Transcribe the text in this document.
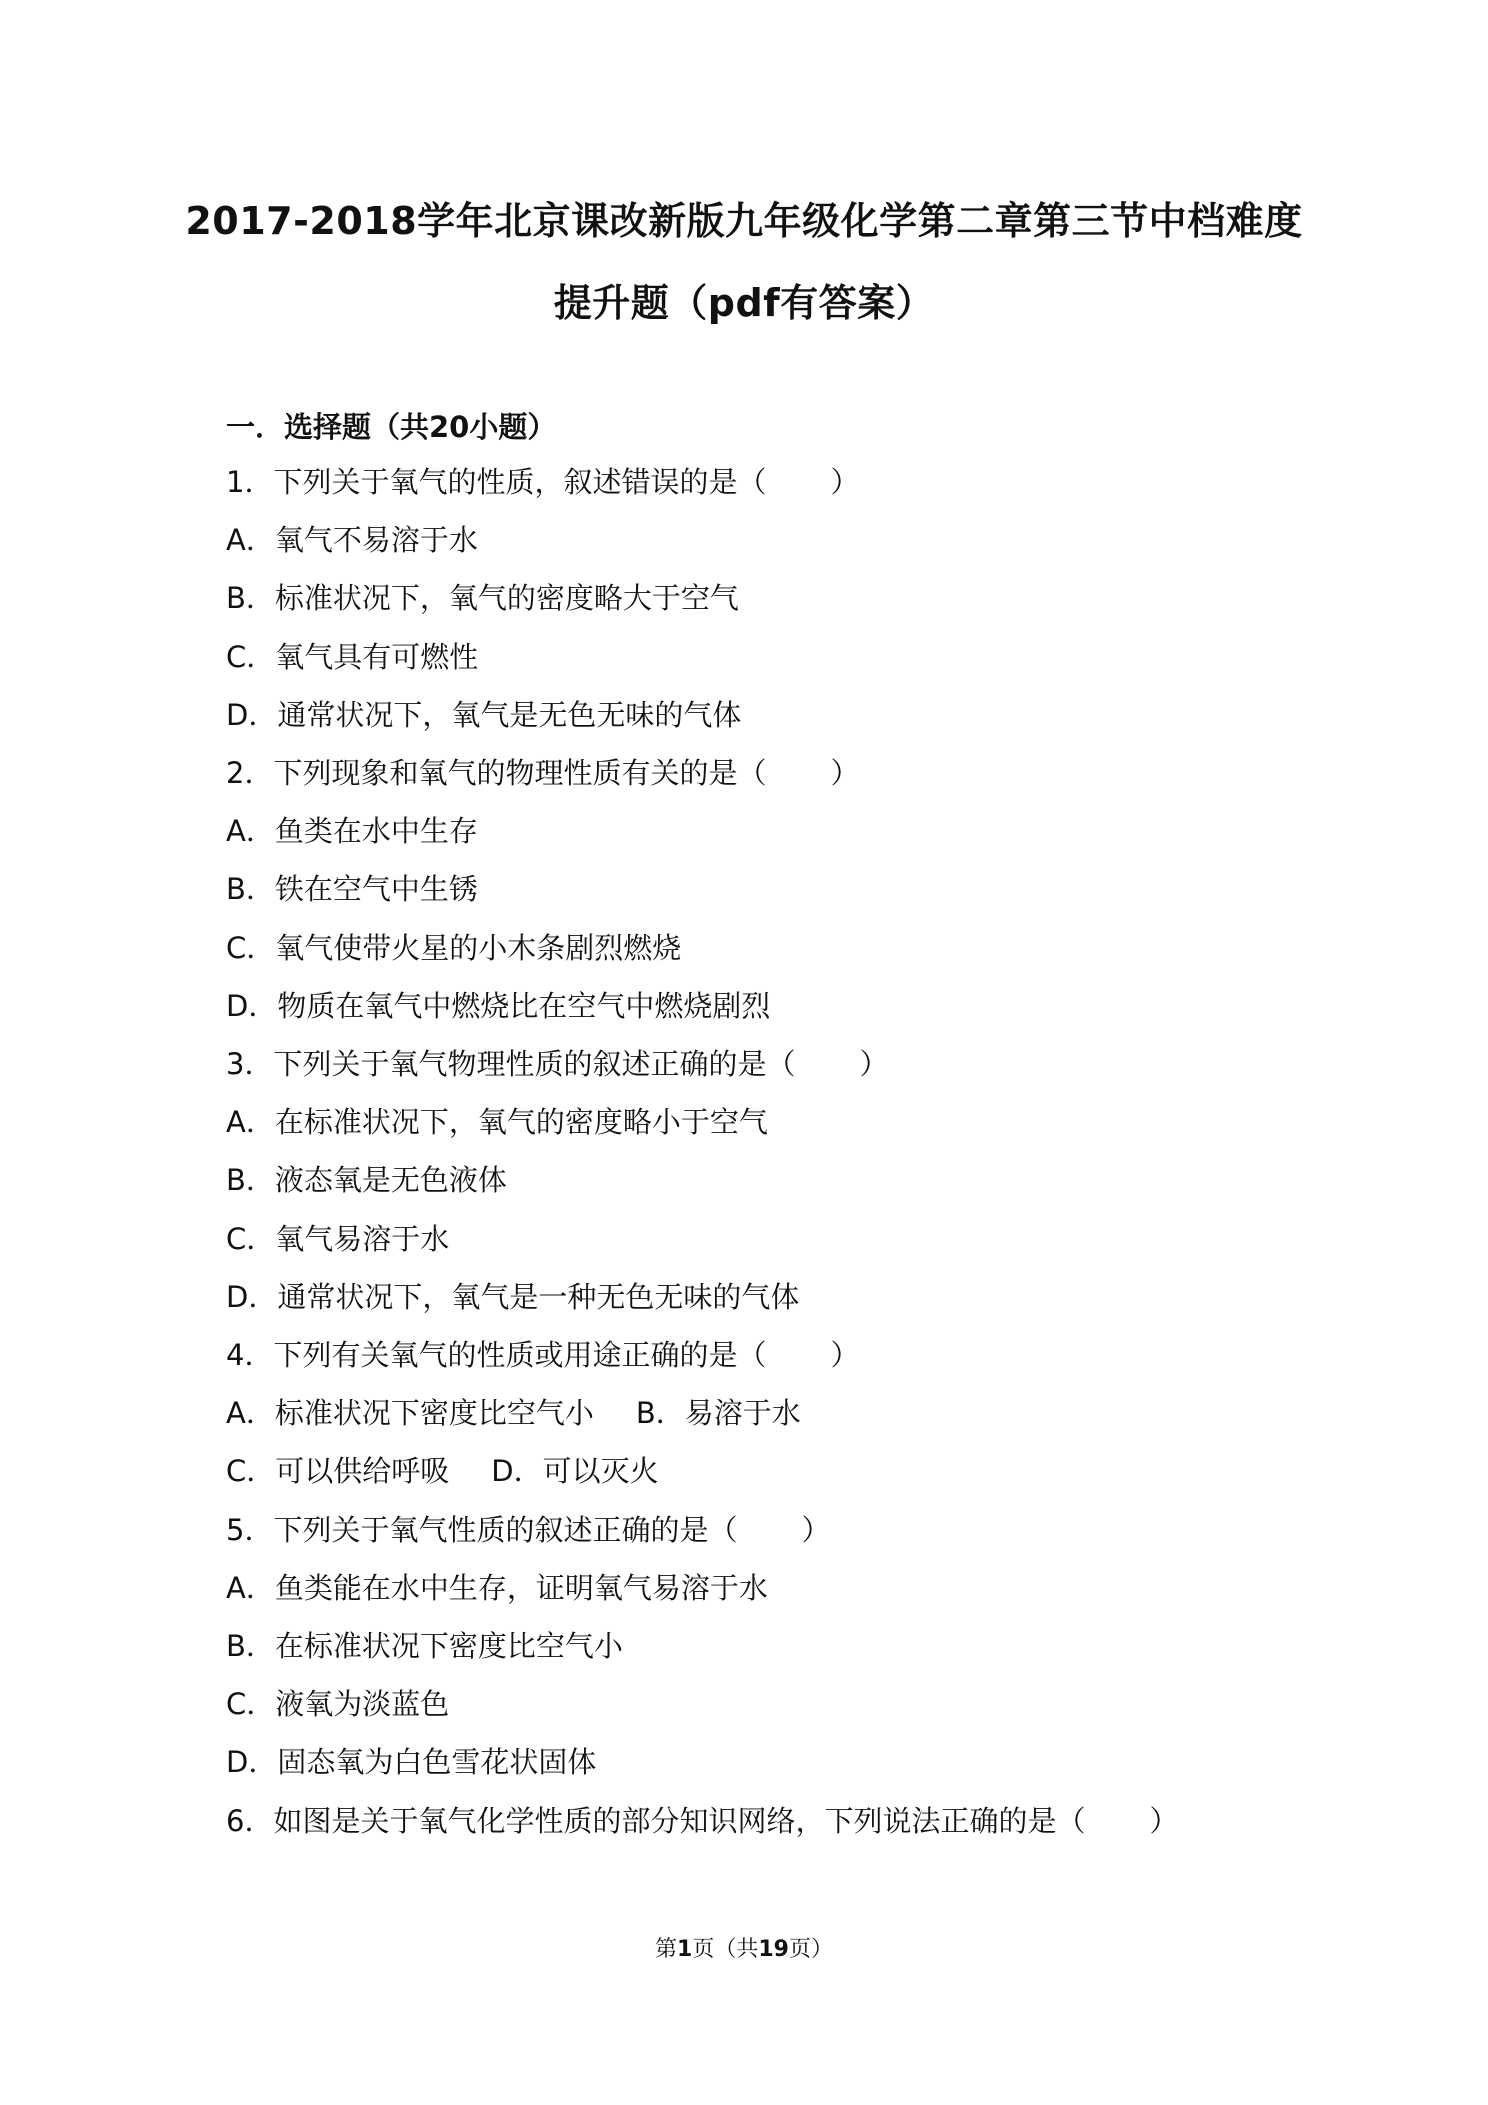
2017-2018学年北京课改新版九年级化学第二章第三节中档难度
提升题（pdf有答案）
一．选择题（共20小题）
1．下列关于氧气的性质，叙述错误的是（ ）
A．氧气不易溶于水
B．标准状况下，氧气的密度略大于空气
C．氧气具有可燃性
D．通常状况下，氧气是无色无味的气体
2．下列现象和氧气的物理性质有关的是（ ）
A．鱼类在水中生存
B．铁在空气中生锈
C．氧气使带火星的小木条剧烈燃烧
D．物质在氧气中燃烧比在空气中燃烧剧烈
3．下列关于氧气物理性质的叙述正确的是（ ）
A．在标准状况下，氧气的密度略小于空气
B．液态氧是无色液体
C．氧气易溶于水
D．通常状况下，氧气是一种无色无味的气体
4．下列有关氧气的性质或用途正确的是（ ）
A．标准状况下密度比空气小 B．易溶于水
C．可以供给呼吸 D．可以灭火
5．下列关于氧气性质的叙述正确的是（ ）
A．鱼类能在水中生存，证明氧气易溶于水
B．在标准状况下密度比空气小
C．液氧为淡蓝色
D．固态氧为白色雪花状固体
6．如图是关于氧气化学性质的部分知识网络，下列说法正确的是（ ）
第1页（共19页）
